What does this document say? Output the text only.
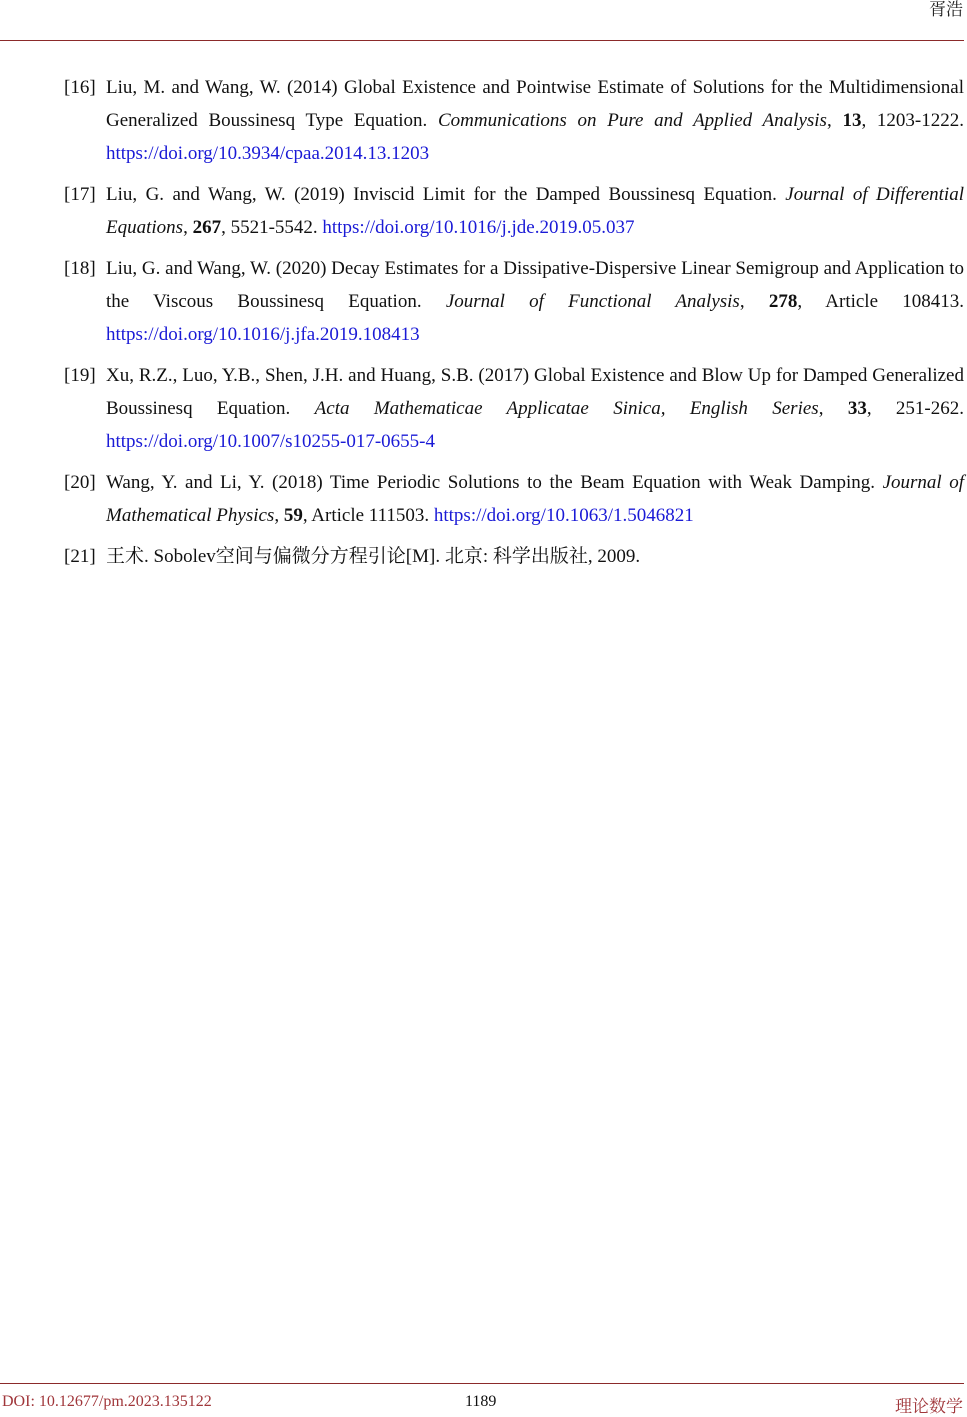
胥浩
[16] Liu, M. and Wang, W. (2014) Global Existence and Pointwise Estimate of Solutions for the Multidimensional Generalized Boussinesq Type Equation. Communications on Pure and Applied Analysis, 13, 1203-1222. https://doi.org/10.3934/cpaa.2014.13.1203
[17] Liu, G. and Wang, W. (2019) Inviscid Limit for the Damped Boussinesq Equation. Journal of Differential Equations, 267, 5521-5542. https://doi.org/10.1016/j.jde.2019.05.037
[18] Liu, G. and Wang, W. (2020) Decay Estimates for a Dissipative-Dispersive Linear Semigroup and Application to the Viscous Boussinesq Equation. Journal of Functional Analysis, 278, Article 108413. https://doi.org/10.1016/j.jfa.2019.108413
[19] Xu, R.Z., Luo, Y.B., Shen, J.H. and Huang, S.B. (2017) Global Existence and Blow Up for Damped Generalized Boussinesq Equation. Acta Mathematicae Applicatae Sinica, English Series, 33, 251-262. https://doi.org/10.1007/s10255-017-0655-4
[20] Wang, Y. and Li, Y. (2018) Time Periodic Solutions to the Beam Equation with Weak Damping. Journal of Mathematical Physics, 59, Article 111503. https://doi.org/10.1063/1.5046821
[21] 王术. Sobolev空间与偏微分方程引论[M]. 北京: 科学出版社, 2009.
DOI: 10.12677/pm.2023.135122	1189	理论数学
